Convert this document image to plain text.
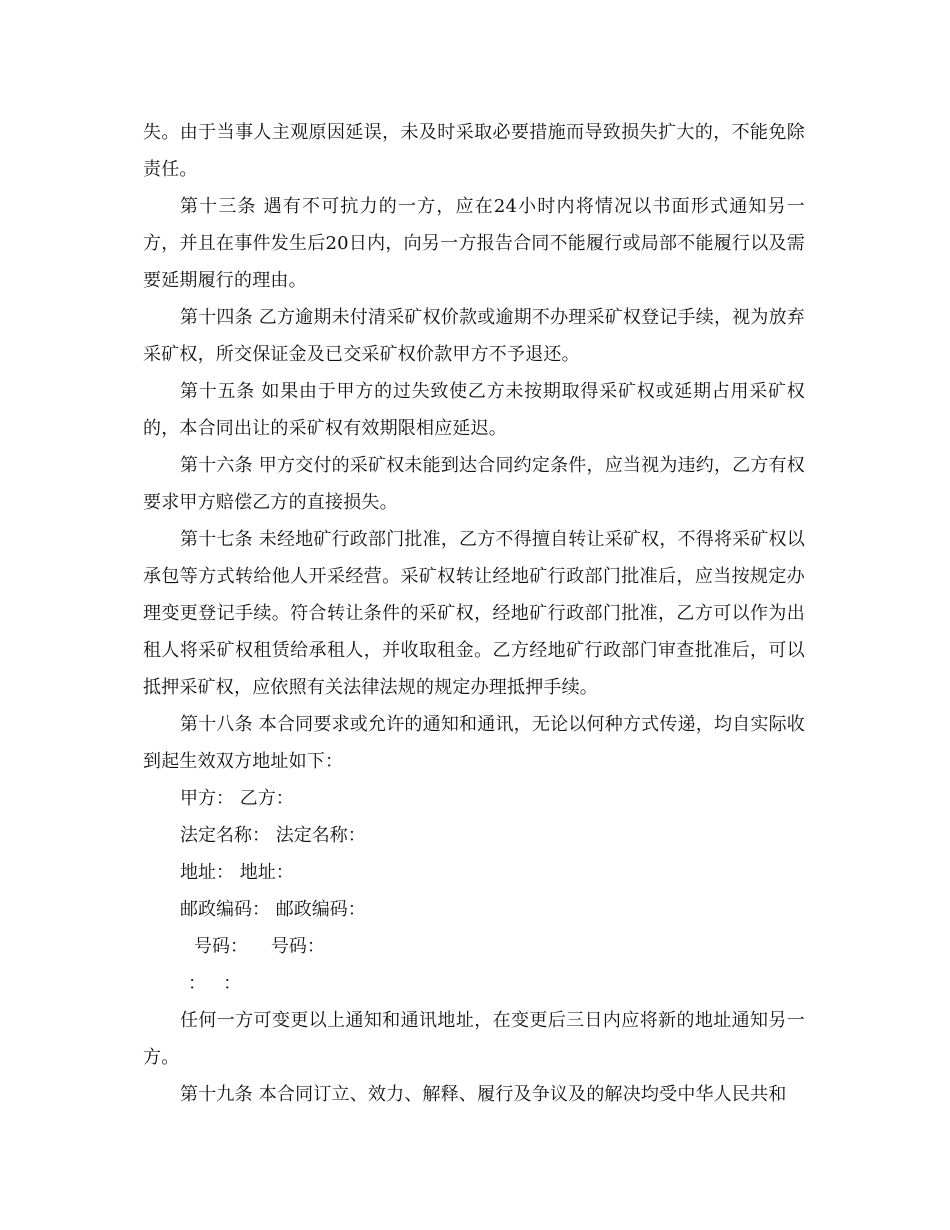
失。由于当事人主观原因延误，未及时采取必要措施而导致损失扩大的，不能免除责任。

第十三条 遇有不可抗力的一方，应在24小时内将情况以书面形式通知另一方，并且在事件发生后20日内，向另一方报告合同不能履行或局部不能履行以及需要延期履行的理由。

第十四条 乙方逾期未付清采矿权价款或逾期不办理采矿权登记手续，视为放弃采矿权，所交保证金及已交采矿权价款甲方不予退还。

第十五条 如果由于甲方的过失致使乙方未按期取得采矿权或延期占用采矿权的，本合同出让的采矿权有效期限相应延迟。

第十六条 甲方交付的采矿权未能到达合同约定条件，应当视为违约，乙方有权要求甲方赔偿乙方的直接损失。

第十七条 未经地矿行政部门批准，乙方不得擅自转让采矿权，不得将采矿权以承包等方式转给他人开采经营。采矿权转让经地矿行政部门批准后，应当按规定办理变更登记手续。符合转让条件的采矿权，经地矿行政部门批准，乙方可以作为出租人将采矿权租赁给承租人，并收取租金。乙方经地矿行政部门审查批准后，可以抵押采矿权，应依照有关法律法规的规定办理抵押手续。

第十八条 本合同要求或允许的通知和通讯，无论以何种方式传递，均自实际收到起生效双方地址如下：

甲方： 乙方：

法定名称： 法定名称：

地址： 地址：

邮政编码： 邮政编码：

号码：    号码：

：   ：

任何一方可变更以上通知和通讯地址，在变更后三日内应将新的地址通知另一方。

第十九条 本合同订立、效力、解释、履行及争议及的解决均受中华人民共和
